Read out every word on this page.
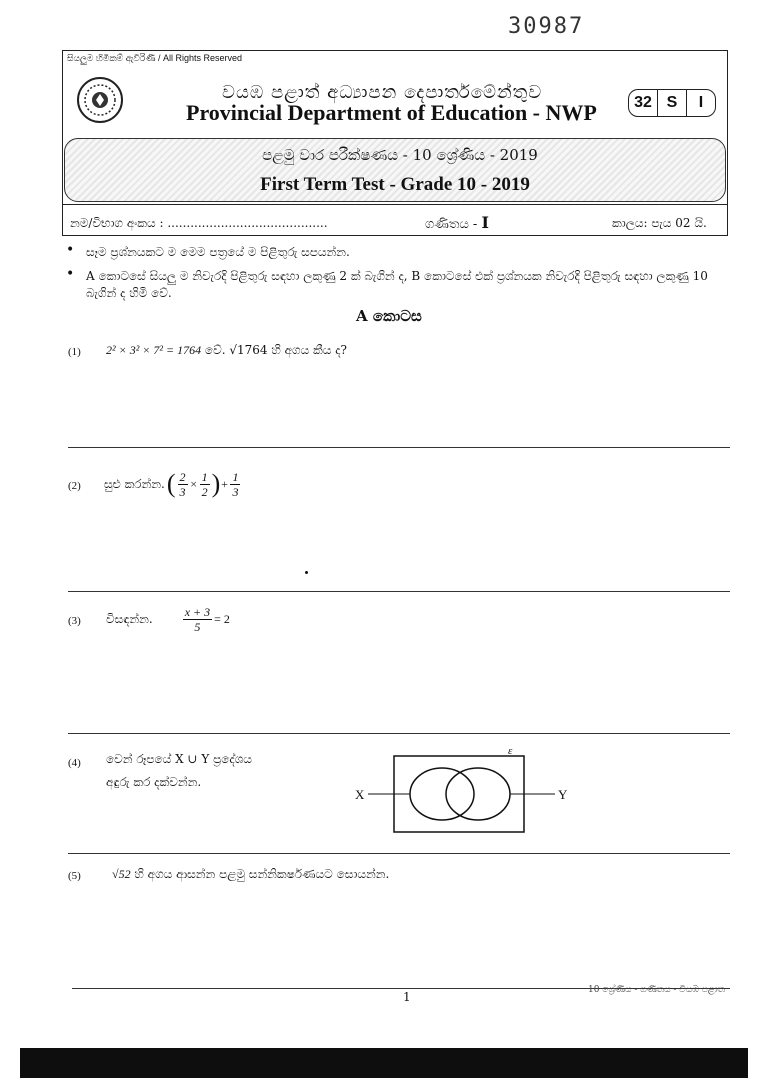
30987
සියලුම හිමිකම් ඇවිරිණි / All Rights Reserved
වයඹ පළාත් අධ්‍යාපන දෙපාර්තමේන්තුව
Provincial Department of Education - NWP	32 S	I
පළමු වාර පරීක්ෂණය - 10 ශ්‍රේණිය - 2019
First Term Test - Grade 10 - 2019
නම/විභාග අංකය : ..........................................	ගණිතය - I	කාලය: පැය 02 යි.
• සෑම ප්‍රශ්නයකට ම මෙම පත්‍රයේ ම පිළිතුරු සපයන්න.
• A කොටසේ සියලු ම නිවැරදි පිළිතුරු සඳහා ලකුණු 2 ක් බැගින් ද, B කොටසේ එක් ප්‍රශ්නයක නිවැරදි පිළිතුරු සඳහා ලකුණු 10 බැගින් ද හිමි වේ.
A කොටස
(1) 2² × 3² × 7² = 1764 වේ. √1764 හි අගය කීය ද?
(2) සුළු කරන්න. ( $\frac{2}{3} \times \frac{1}{2}$ ) + $\frac{1}{3}$
(3) විසඳන්න.	$\frac{x + 3}{5} = 2$
(4) වෙන් රූපයේ X ∪ Y ප්‍රදේශය
අඳුරු කර දක්වන්න.
X	Y
ε
(5)	√52 හි අගය ආසන්න පළමු සන්නිකර්ෂණයට සොයන්න.
1	10 ශ්‍රේණිය - ගණිතය - වියඹ පළාත
